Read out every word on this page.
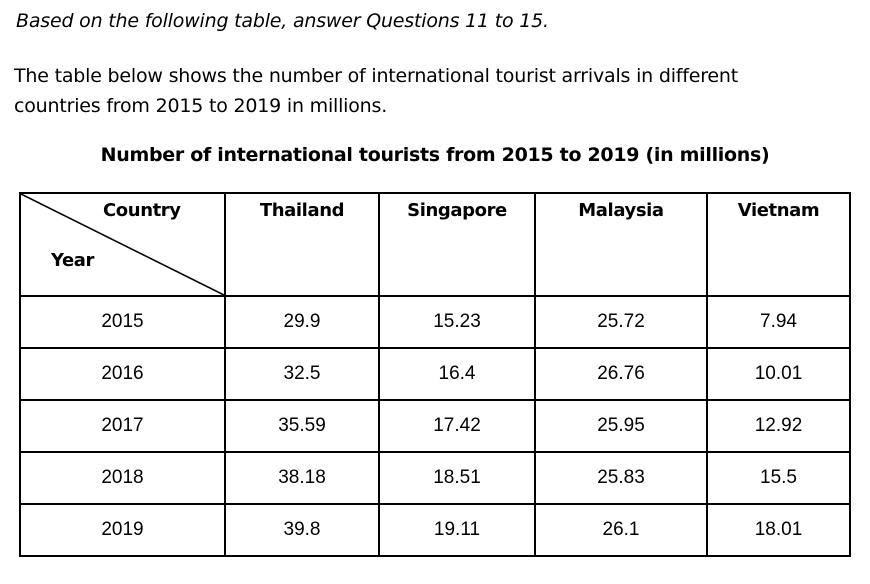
Based on the following table, answer Questions 11 to 15.
The table below shows the number of international tourist arrivals in different
countries from 2015 to 2019 in millions.
Number of international tourists from 2015 to 2019 (in millions)
Country
Year	Thailand	Singapore	Malaysia	Vietnam

2015	29.9	15.23	25.72	7.94
2016	32.5	16.4	26.76	10.01
2017	35.59	17.42	25.95	12.92
2018	38.18	18.51	25.83	15.5
2019	39.8	19.11	26.1	18.01
